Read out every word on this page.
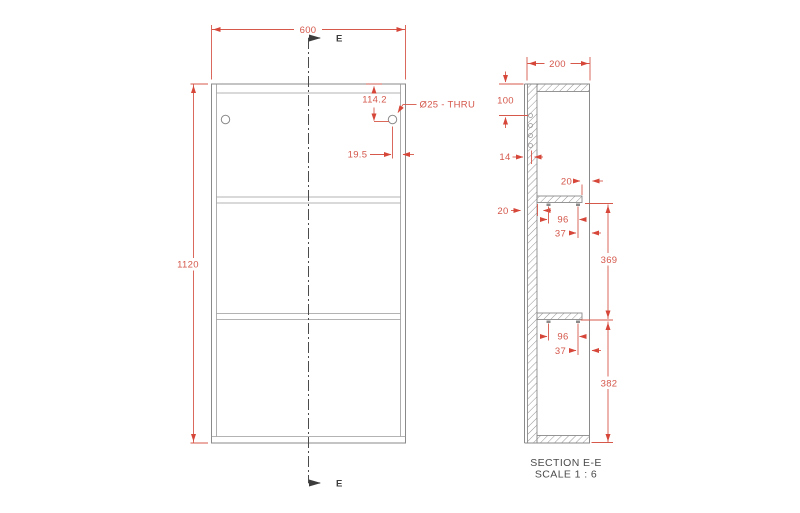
E
E
600
1120
114.2	Ø25 - THRU
19.5
200
100
14
20
20
96
37
369
96
37
382
SECTION E-E
SCALE 1 : 6
